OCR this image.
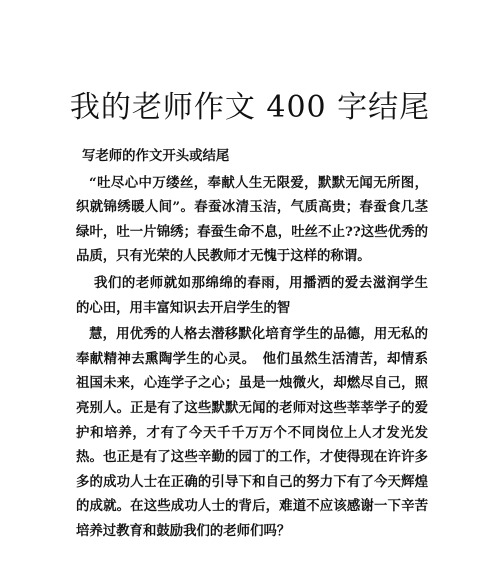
我的老师作文 400 字结尾

写老师的作文开头或结尾

“吐尽心中万缕丝，奉献人生无限爱，默默无闻无所图，织就锦绣暖人间”。春蚕冰清玉洁，气质高贵；春蚕食几茎绿叶，吐一片锦绣；春蚕生命不息，吐丝不止??这些优秀的品质，只有光荣的人民教师才无愧于这样的称谓。

我们的老师就如那绵绵的春雨，用播洒的爱去滋润学生的心田，用丰富知识去开启学生的智

慧，用优秀的人格去潜移默化培育学生的品德，用无私的奉献精神去熏陶学生的心灵。　他们虽然生活清苦，却情系祖国未来，心连学子之心；虽是一烛微火，却燃尽自己，照亮别人。正是有了这些默默无闻的老师对这些莘莘学子的爱护和培养，才有了今天千千万万个不同岗位上人才发光发热。也正是有了这些辛勤的园丁的工作，才使得现在许许多多的成功人士在正确的引导下和自己的努力下有了今天辉煌的成就。在这些成功人士的背后，难道不应该感谢一下辛苦培养过教育和鼓励我们的老师们吗？
